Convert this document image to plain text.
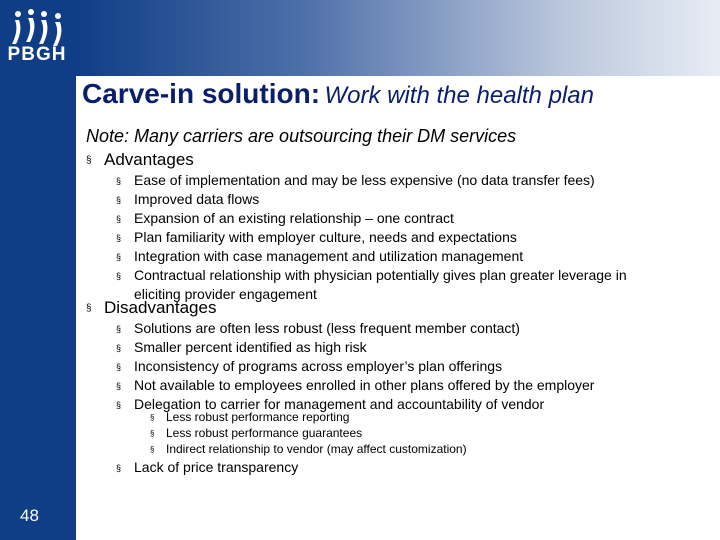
PBGH
Carve-in solution: Work with the health plan
Note: Many carriers are outsourcing their DM services
§ Advantages
§ Ease of implementation and may be less expensive (no data transfer fees)
§ Improved data flows
§ Expansion of an existing relationship – one contract
§ Plan familiarity with employer culture, needs and expectations
§ Integration with case management and utilization management
§ Contractual relationship with physician potentially gives plan greater leverage in
eliciting provider engagement
§ Disadvantages
§ Solutions are often less robust (less frequent member contact)
§ Smaller percent identified as high risk
§ Inconsistency of programs across employer’s plan offerings
§ Not available to employees enrolled in other plans offered by the employer
§ Delegation to carrier for management and accountability of vendor
§ Less robust performance reporting
§ Less robust performance guarantees
§ Indirect relationship to vendor (may affect customization)
§ Lack of price transparency
48
